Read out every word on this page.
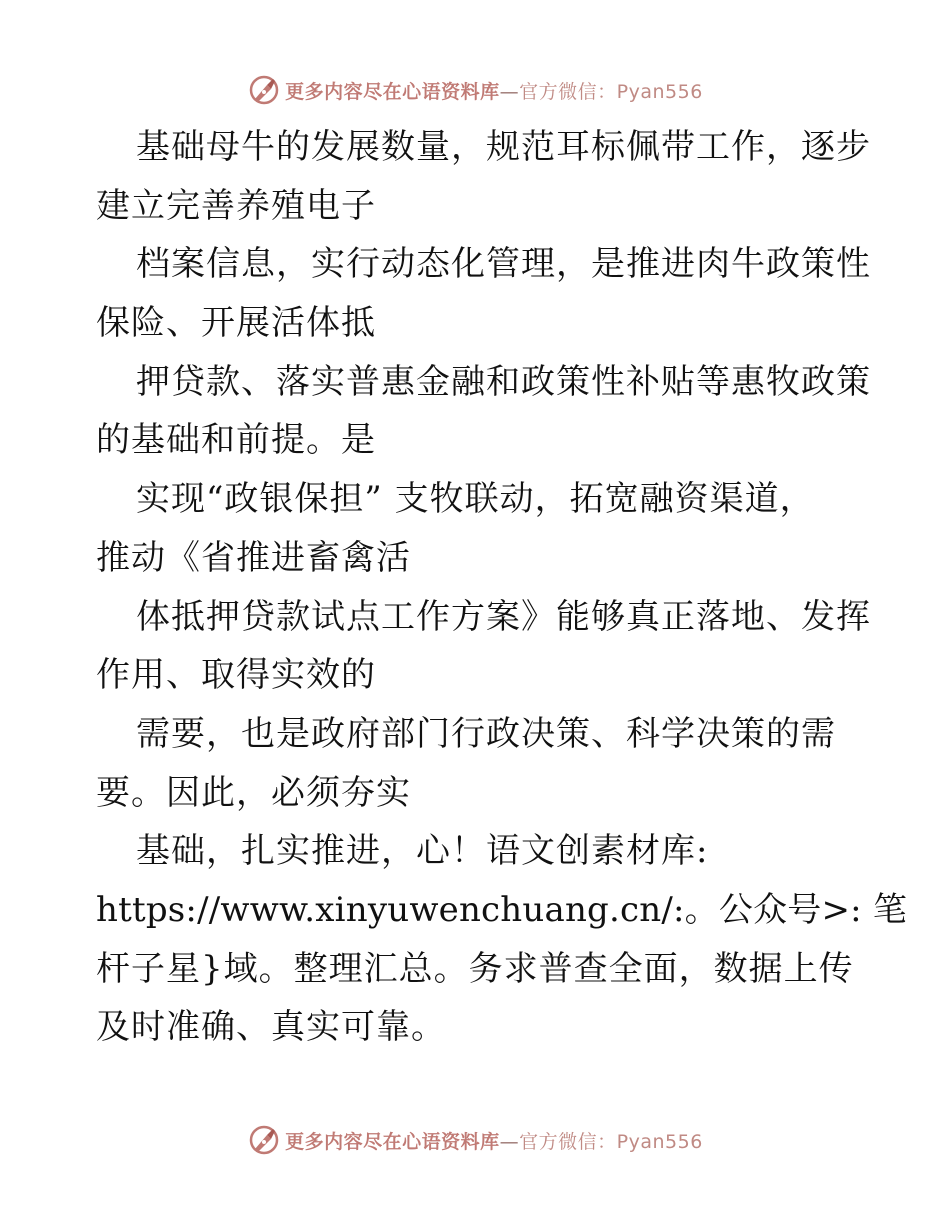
更多内容尽在心语资料库—官方微信：Pyan556
基础母牛的发展数量，规范耳标佩带工作，逐步
建立完善养殖电子
档案信息，实行动态化管理，是推进肉牛政策性
保险、开展活体抵
押贷款、落实普惠金融和政策性补贴等惠牧政策
的基础和前提。是
实现“政银保担” 支牧联动，拓宽融资渠道，
推动《省推进畜禽活
体抵押贷款试点工作方案》能够真正落地、发挥
作用、取得实效的
需要，也是政府部门行政决策、科学决策的需
要。因此，必须夯实
基础，扎实推进，心！语文创素材库:
https://www.xinyuwenchuang.cn/:。公众号>: 笔
杆子星}域。整理汇总。务求普查全面，数据上传
及时准确、真实可靠。
更多内容尽在心语资料库—官方微信：Pyan556
